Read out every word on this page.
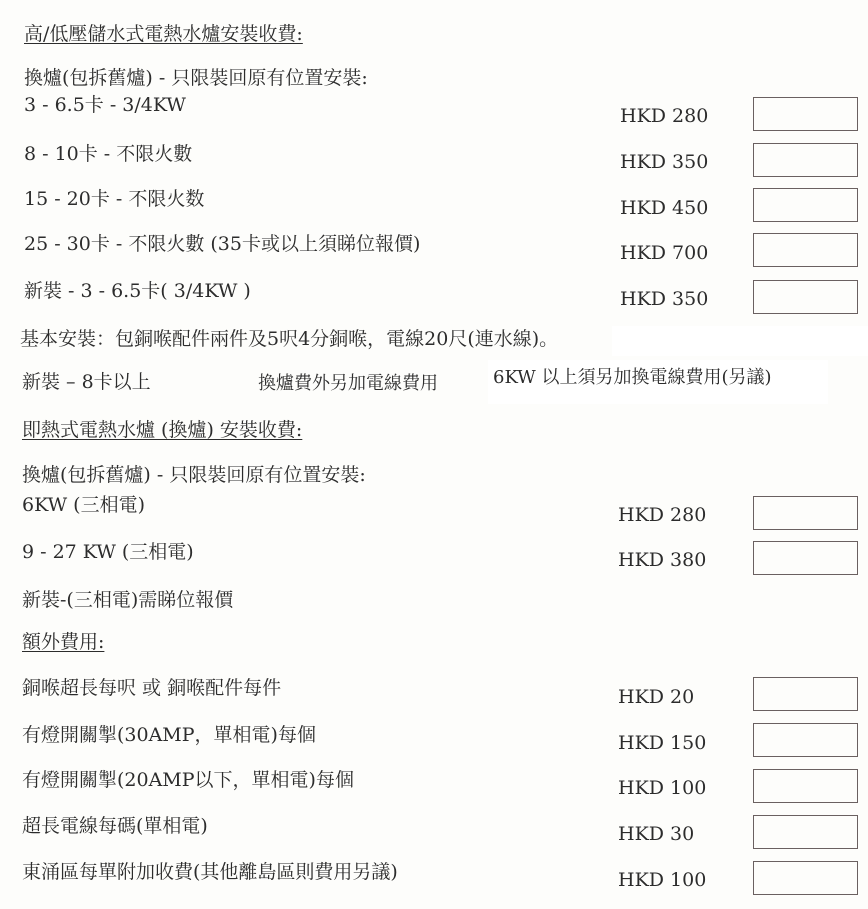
高/低壓儲水式電熱水爐安裝收費:
換爐(包拆舊爐) - 只限裝回原有位置安裝:
3 - 6.5卡 - 3/4KW	HKD 280
8 - 10卡 - 不限火數	HKD 350
15 - 20卡 - 不限火数	HKD 450
25 - 30卡 - 不限火數 (35卡或以上須睇位報價)	HKD 700
新裝 - 3 - 6.5卡( 3/4KW )	HKD 350
基本安裝：包銅喉配件兩件及5呎4分銅喉，電線20尺(連水線)。
新裝 – 8卡以上	換爐費外另加電線費用	6KW 以上須另加換電線費用(另議)
即熱式電熱水爐 (換爐) 安裝收費:
換爐(包拆舊爐) - 只限裝回原有位置安裝:
6KW (三相電)	HKD 280
9 - 27 KW (三相電)	HKD 380
新裝-(三相電)需睇位報價
額外費用:
銅喉超長每呎 或 銅喉配件每件	HKD 20
有燈開關掣(30AMP，單相電)每個	HKD 150
有燈開關掣(20AMP以下，單相電)每個	HKD 100
超長電線每碼(單相電)	HKD 30
東涌區每單附加收費(其他離島區則費用另議)	HKD 100
